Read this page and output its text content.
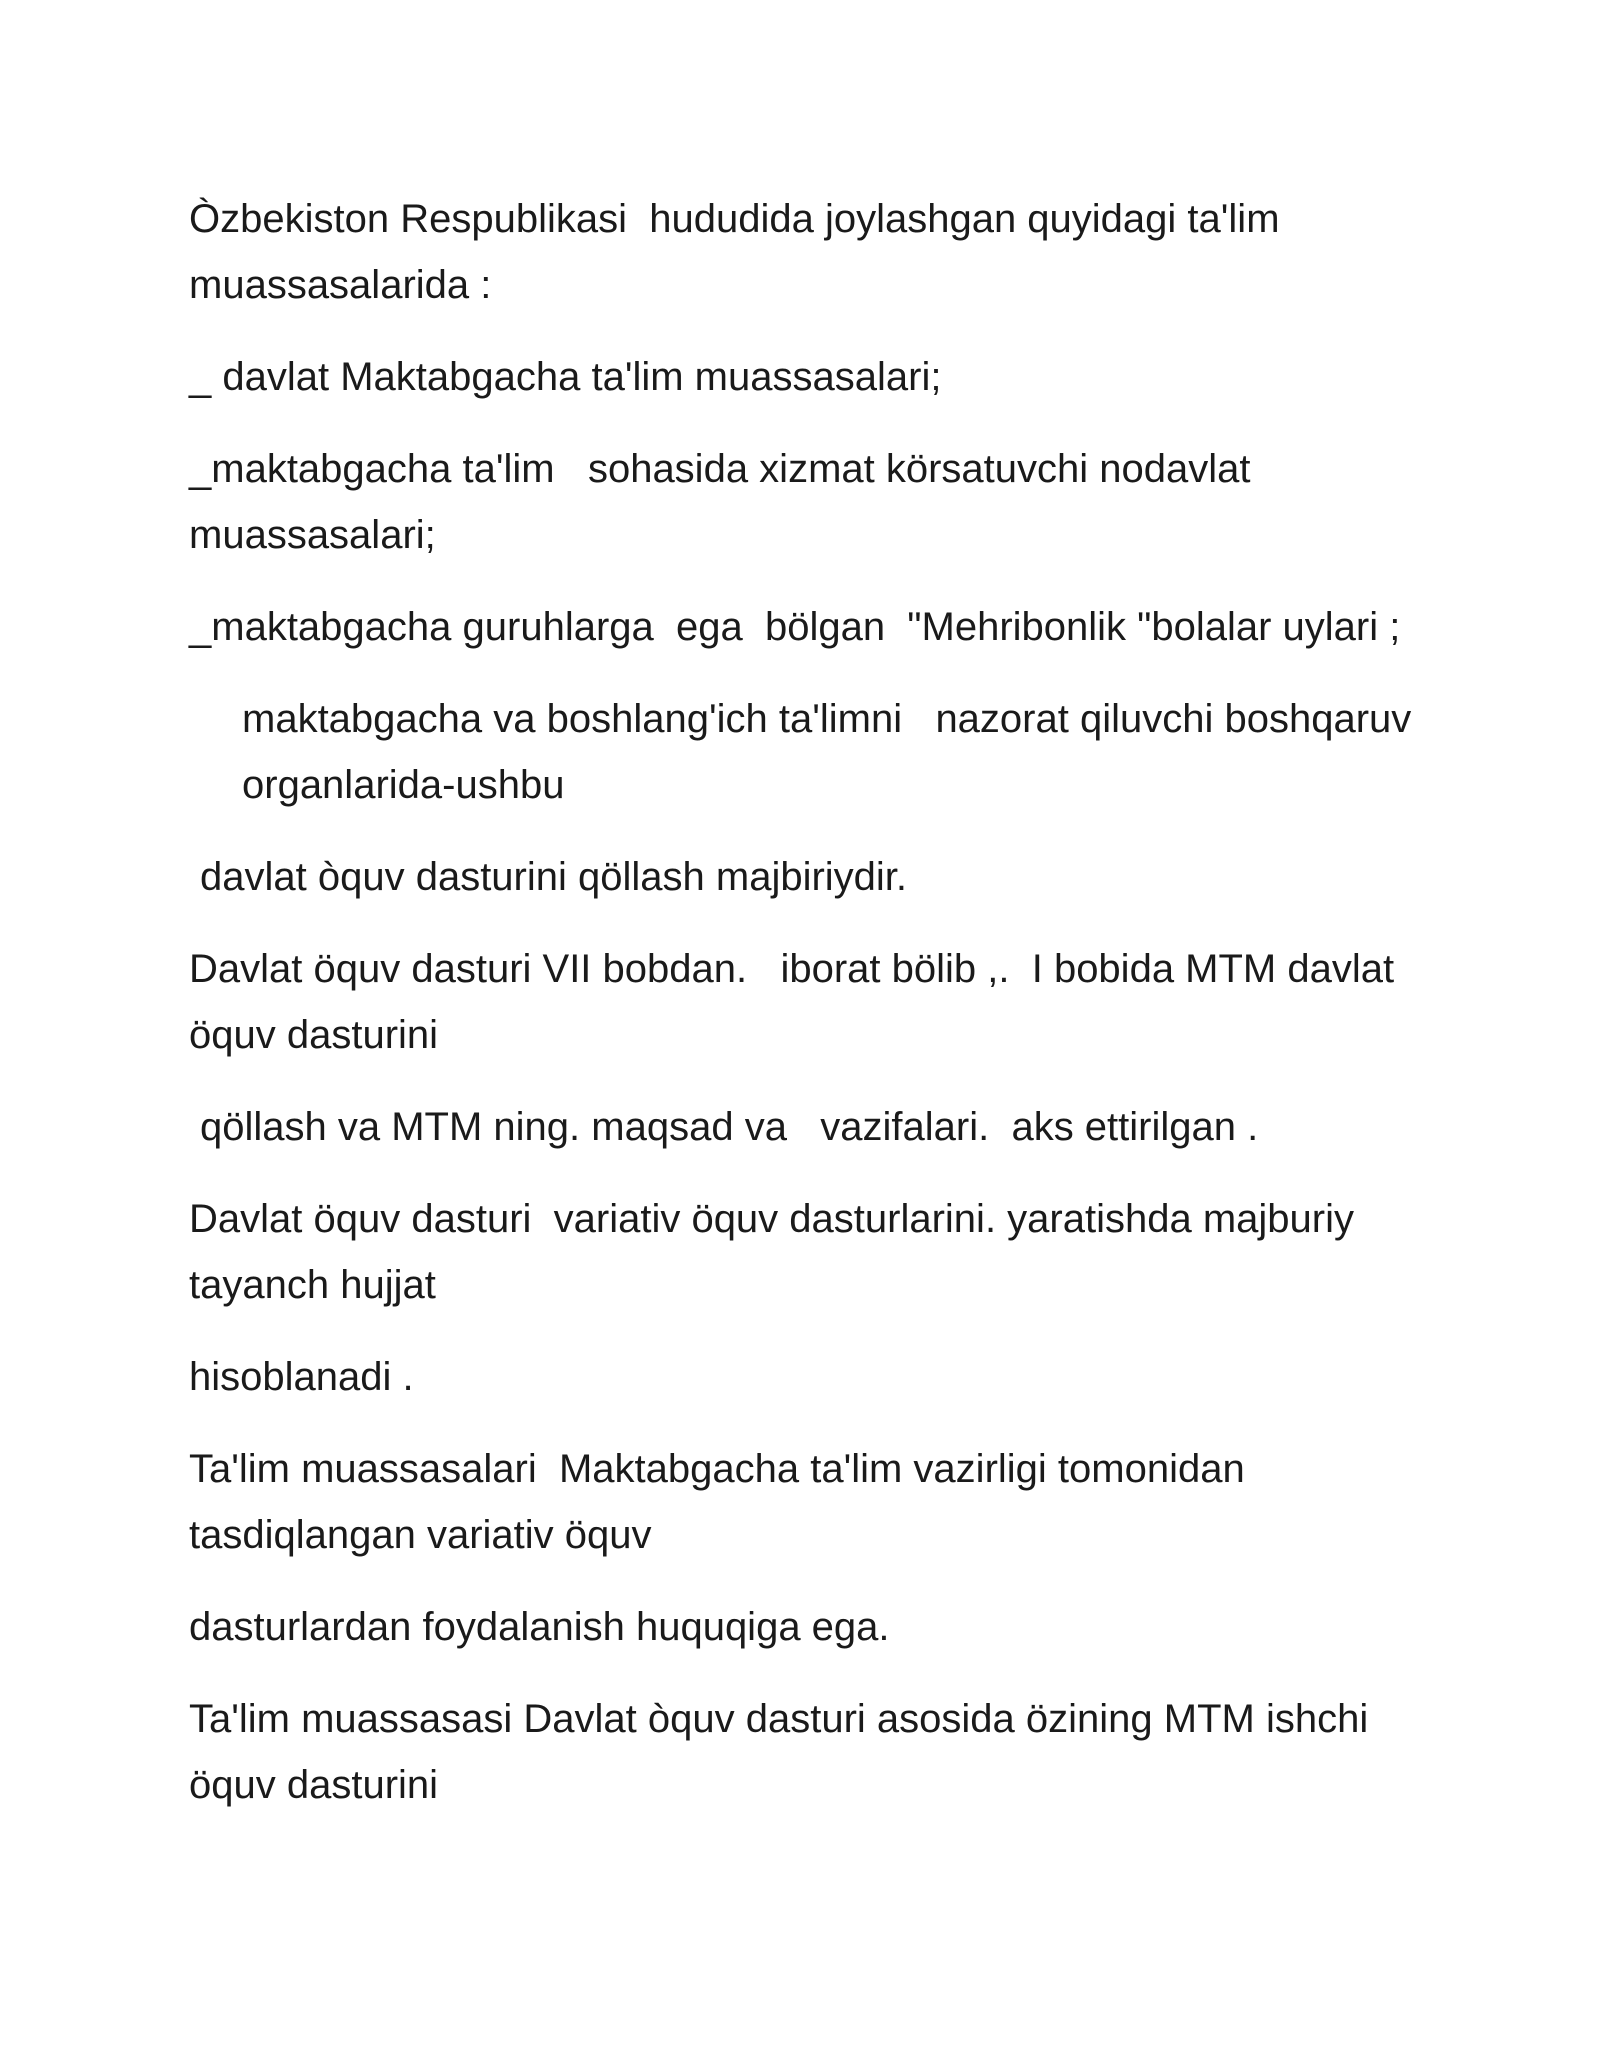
Òzbekiston Respublikasi  hududida joylashgan quyidagi ta'lim muassasalarida :

_ davlat Maktabgacha ta'lim muassasalari;

_maktabgacha ta'lim   sohasida xizmat körsatuvchi nodavlat muassasalari;

_maktabgacha guruhlarga  ega  bölgan  "Mehribonlik "bolalar uylari ;

maktabgacha va boshlang'ich ta'limni   nazorat qiluvchi boshqaruv organlarida-ushbu

davlat òquv dasturini qöllash majbiriydir.

Davlat öquv dasturi VII bobdan.   iborat bölib ,.  I bobida MTM davlat öquv dasturini

qöllash va MTM ning. maqsad va   vazifalari.  aks ettirilgan .

Davlat öquv dasturi  variativ öquv dasturlarini. yaratishda majburiy tayanch hujjat

hisoblanadi .

Ta'lim muassasalari  Maktabgacha ta'lim vazirligi tomonidan tasdiqlangan variativ öquv

dasturlardan foydalanish huquqiga ega.

Ta'lim muassasasi Davlat òquv dasturi asosida özining MTM ishchi öquv dasturini
